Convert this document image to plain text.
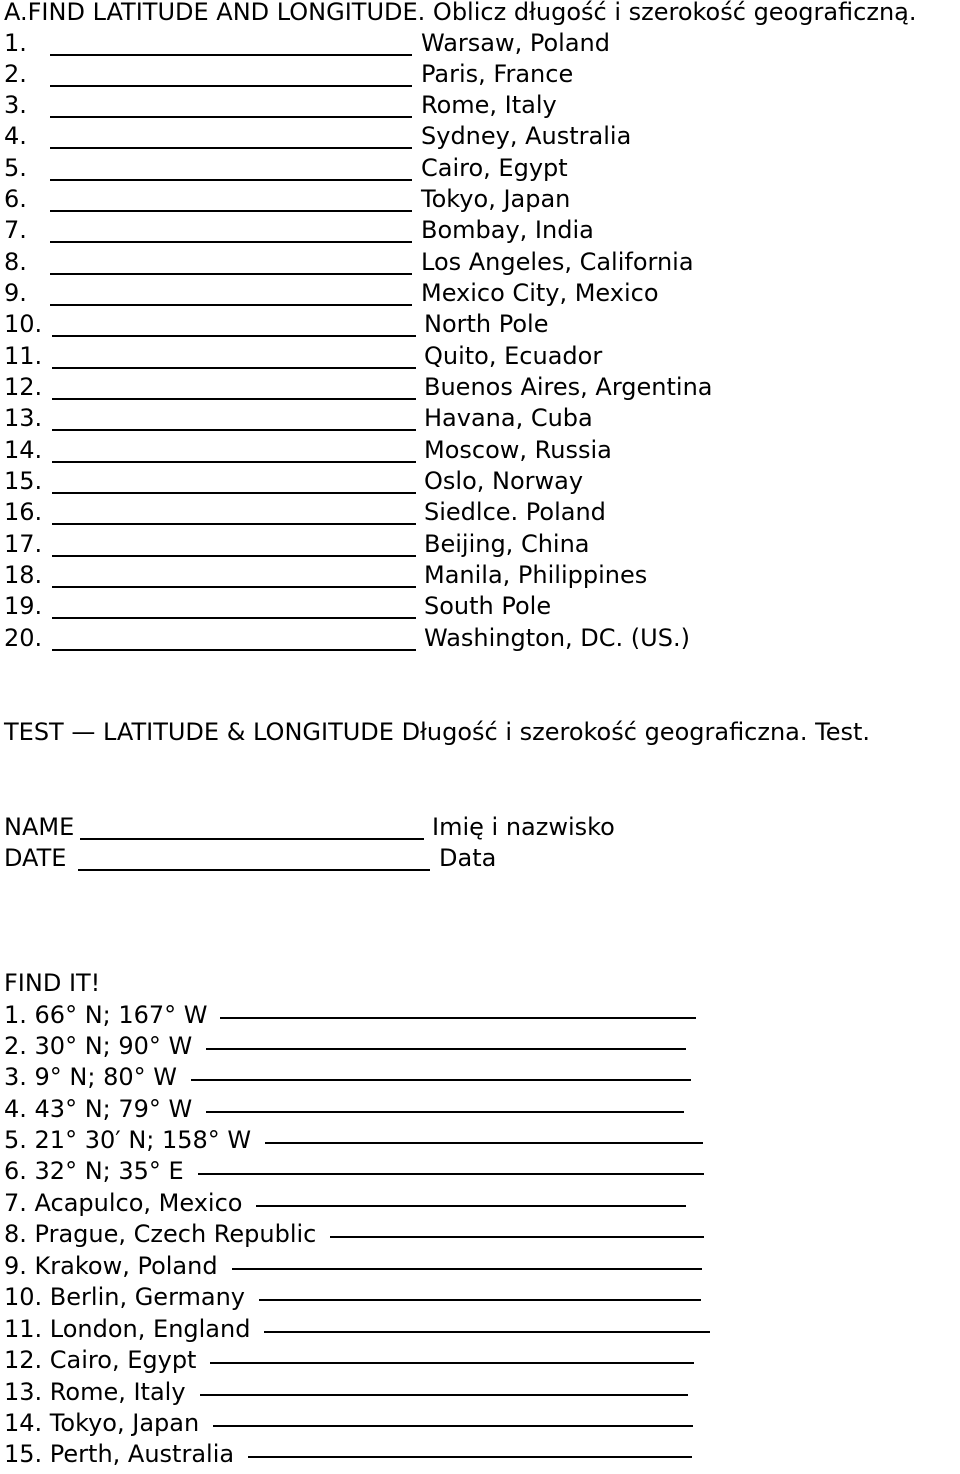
A.FIND LATITUDE AND LONGITUDE. Oblicz długość i szerokość geograficzną.
1.	Warsaw, Poland
2.	Paris, France
3.	Rome, Italy
4.	Sydney, Australia
5.	Cairo, Egypt
6.	Tokyo, Japan
7.	Bombay, India
8.	Los Angeles, California
9.	Mexico City, Mexico
10.	North Pole
11.	Quito, Ecuador
12.	Buenos Aires, Argentina
13.	Havana, Cuba
14.	Moscow, Russia
15.	Oslo, Norway
16.	Siedlce. Poland
17.	Beijing, China
18.	Manila, Philippines
19.	South Pole
20.	Washington, DC. (US.)
TEST — LATITUDE & LONGITUDE Długość i szerokość geograficzna. Test.
NAME	Imię i nazwisko
DATE	Data
FIND IT!
1. 66° N; 167° W
2. 30° N; 90° W
3. 9° N; 80° W
4. 43° N; 79° W
5. 21° 30′ N; 158° W
6. 32° N; 35° E
7. Acapulco, Mexico
8. Prague, Czech Republic
9. Krakow, Poland
10. Berlin, Germany
11. London, England
12. Cairo, Egypt
13. Rome, Italy
14. Tokyo, Japan
15. Perth, Australia
